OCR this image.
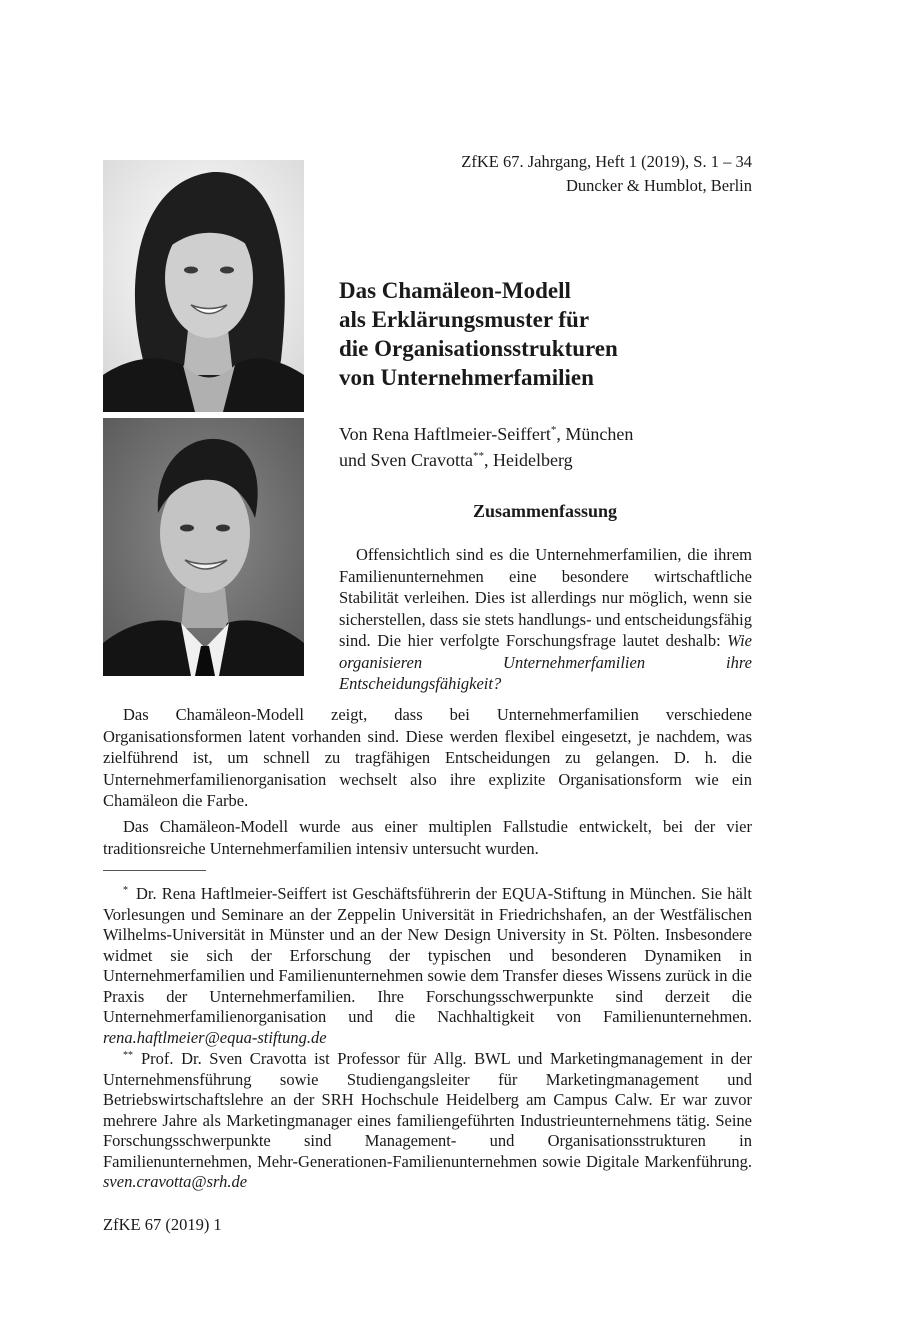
ZfKE 67. Jahrgang, Heft 1 (2019), S. 1 – 34
Duncker & Humblot, Berlin
Das Chamäleon-Modell
als Erklärungsmuster für
die Organisationsstrukturen
von Unternehmerfamilien
Von Rena Haftlmeier-Seiffert*, München
und Sven Cravotta**, Heidelberg
Zusammenfassung

Offensichtlich sind es die Unternehmerfamilien, die ihrem Familienunternehmen eine besondere wirtschaftliche Stabilität verleihen. Dies ist allerdings nur möglich, wenn sie sicherstellen, dass sie stets handlungs- und entscheidungsfähig sind. Die hier verfolgte Forschungsfrage lautet deshalb: Wie organisieren Unternehmerfamilien ihre Entscheidungsfähigkeit?

Das Chamäleon-Modell zeigt, dass bei Unternehmerfamilien verschiedene Organisationsformen latent vorhanden sind. Diese werden flexibel eingesetzt, je nachdem, was zielführend ist, um schnell zu tragfähigen Entscheidungen zu gelangen. D. h. die Unternehmerfamilienorganisation wechselt also ihre explizite Organisationsform wie ein Chamäleon die Farbe.

Das Chamäleon-Modell wurde aus einer multiplen Fallstudie entwickelt, bei der vier traditionsreiche Unternehmerfamilien intensiv untersucht wurden.

* Dr. Rena Haftlmeier-Seiffert ist Geschäftsführerin der EQUA-Stiftung in München. Sie hält Vorlesungen und Seminare an der Zeppelin Universität in Friedrichshafen, an der Westfälischen Wilhelms-Universität in Münster und an der New Design University in St. Pölten. Insbesondere widmet sie sich der Erforschung der typischen und besonderen Dynamiken in Unternehmerfamilien und Familienunternehmen sowie dem Transfer dieses Wissens zurück in die Praxis der Unternehmerfamilien. Ihre Forschungsschwerpunkte sind derzeit die Unternehmerfamilienorganisation und die Nachhaltigkeit von Familienunternehmen. rena.haftlmeier@equa-stiftung.de

** Prof. Dr. Sven Cravotta ist Professor für Allg. BWL und Marketingmanagement in der Unternehmensführung sowie Studiengangsleiter für Marketingmanagement und Betriebswirtschaftslehre an der SRH Hochschule Heidelberg am Campus Calw. Er war zuvor mehrere Jahre als Marketingmanager eines familiengeführten Industrieunternehmens tätig. Seine Forschungsschwerpunkte sind Management- und Organisationsstrukturen in Familienunternehmen, Mehr-Generationen-Familienunternehmen sowie Digitale Markenführung. sven.cravotta@srh.de

ZfKE 67 (2019) 1
